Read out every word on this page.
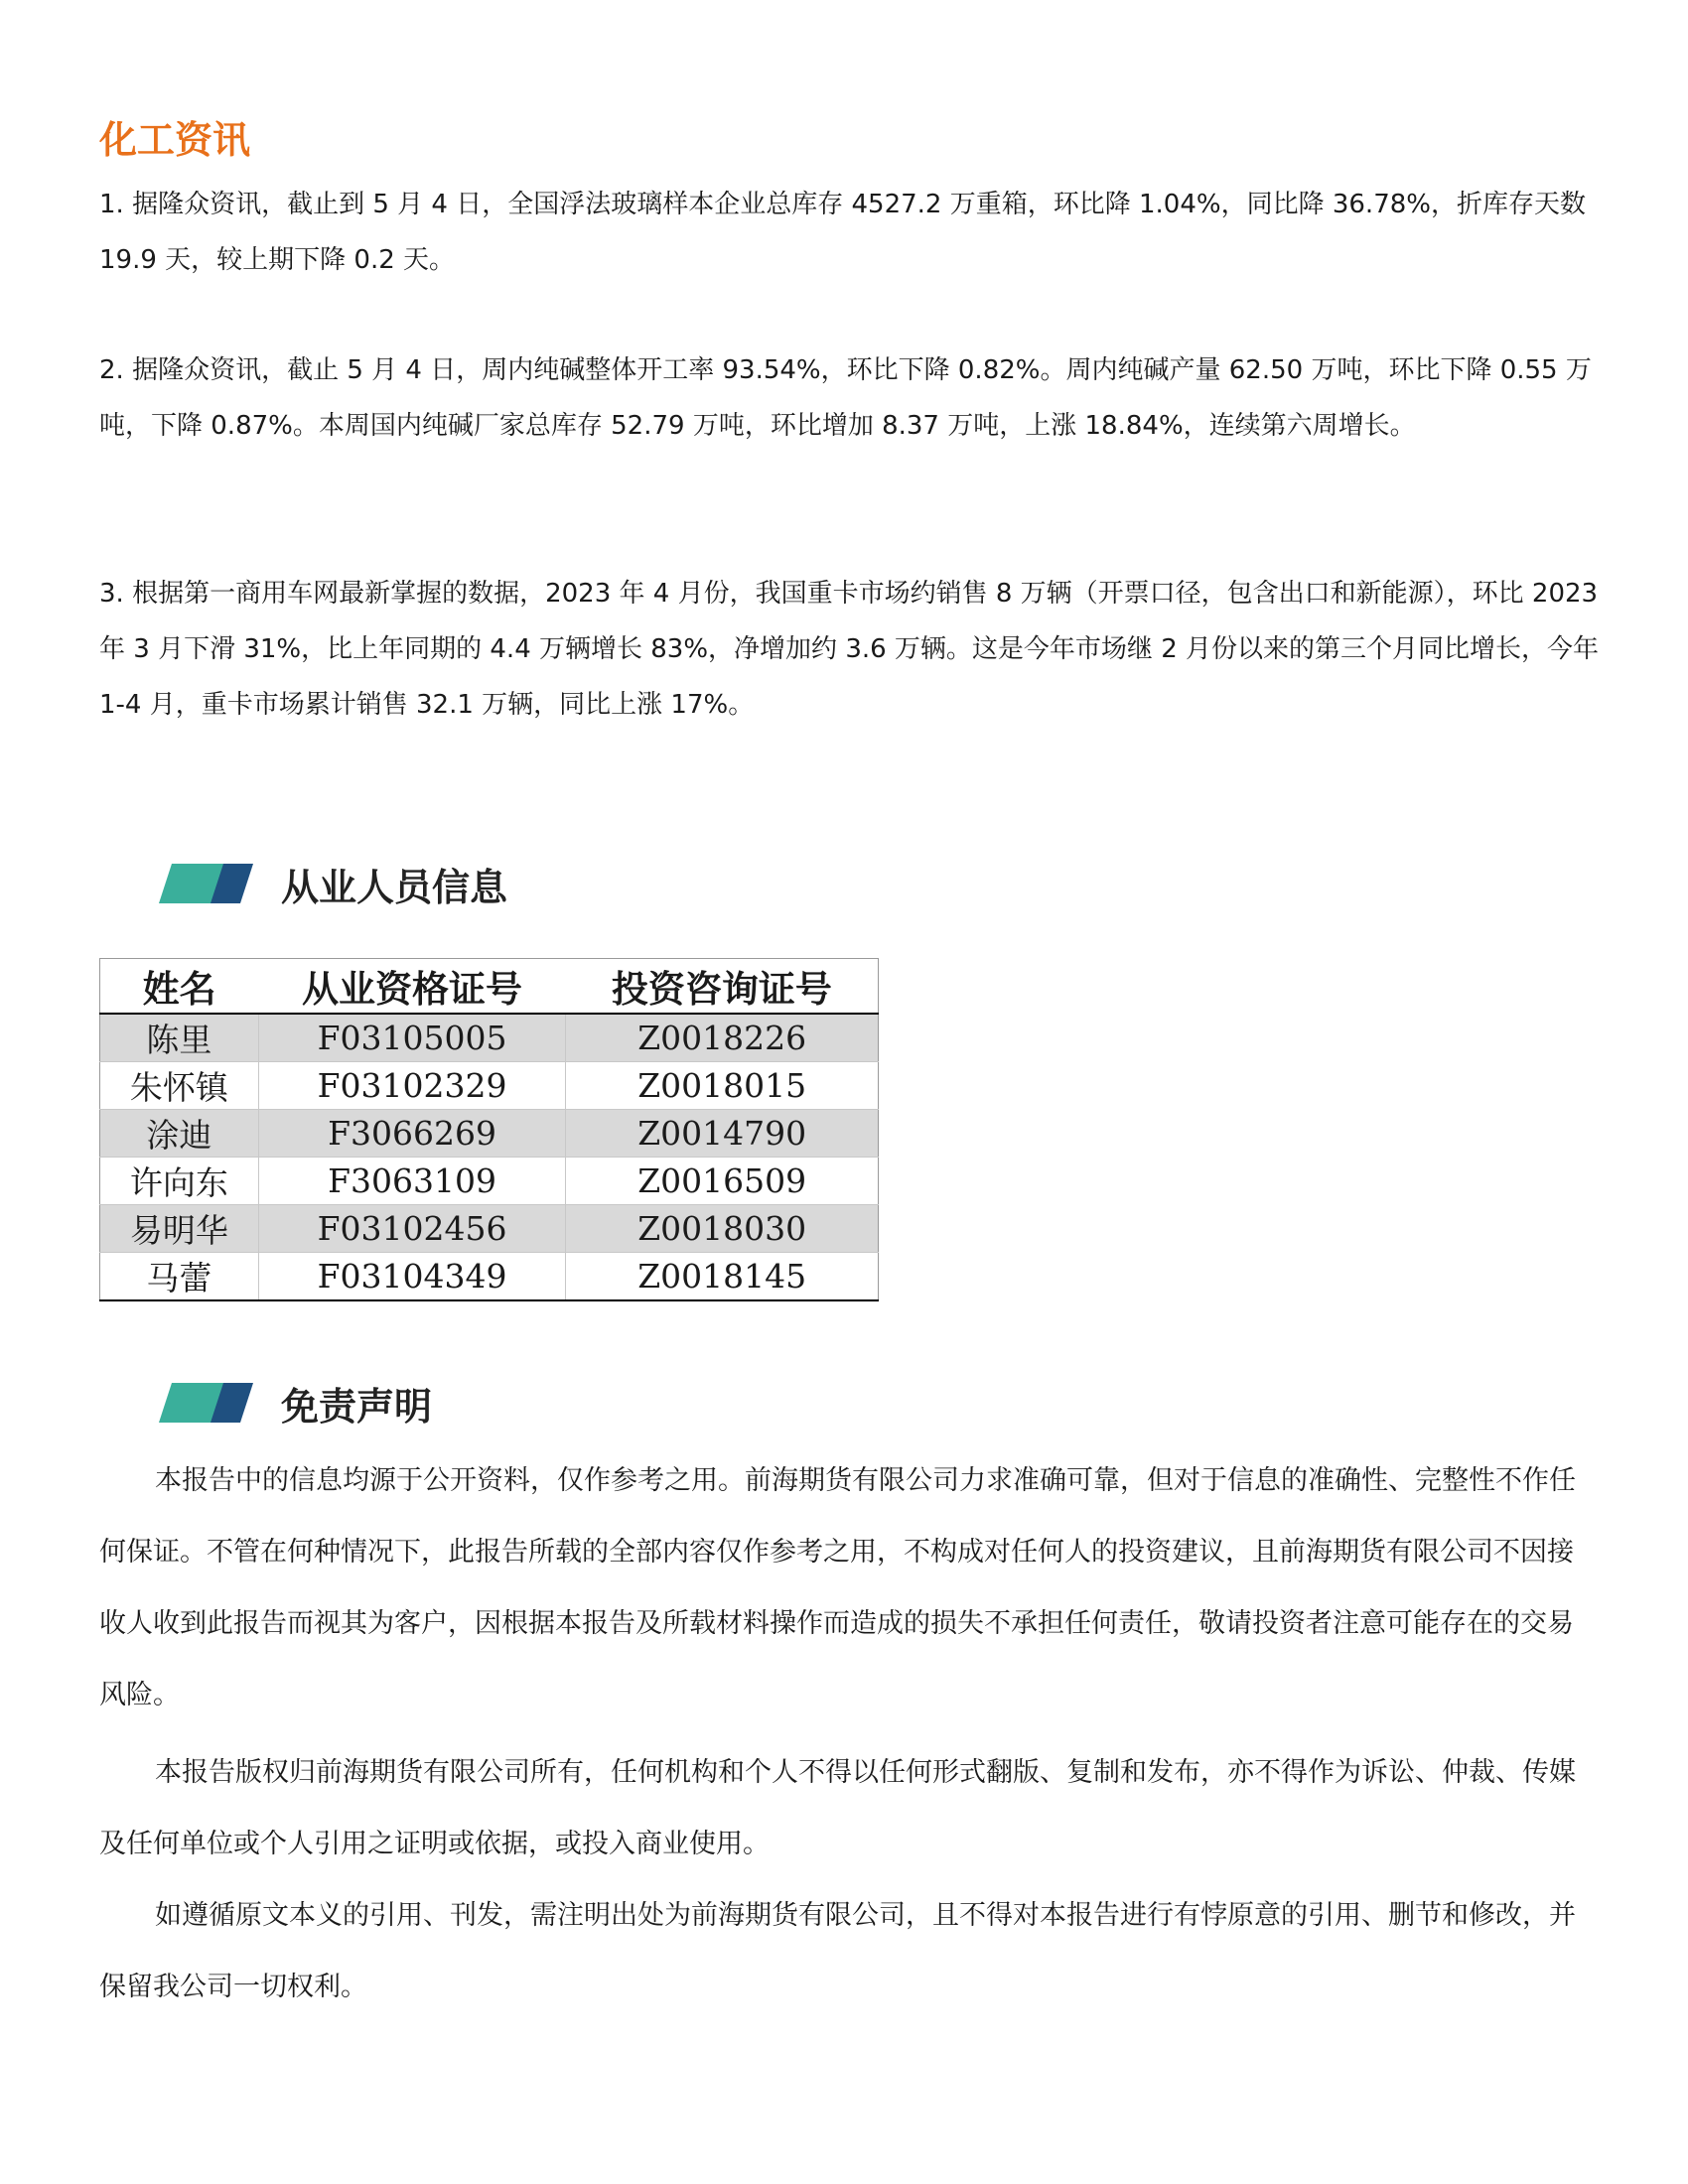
化工资讯

1. 据隆众资讯，截止到 5 月 4 日，全国浮法玻璃样本企业总库存 4527.2 万重箱，环比降 1.04%，同比降 36.78%，折库存天数 19.9 天，较上期下降 0.2 天。

2. 据隆众资讯，截止 5 月 4 日，周内纯碱整体开工率 93.54%，环比下降 0.82%。周内纯碱产量 62.50 万吨，环比下降 0.55 万吨，下降 0.87%。本周国内纯碱厂家总库存 52.79 万吨，环比增加 8.37 万吨，上涨 18.84%，连续第六周增长。

3. 根据第一商用车网最新掌握的数据，2023 年 4 月份，我国重卡市场约销售 8 万辆（开票口径，包含出口和新能源），环比 2023 年 3 月下滑 31%，比上年同期的 4.4 万辆增长 83%，净增加约 3.6 万辆。这是今年市场继 2 月份以来的第三个月同比增长，今年 1-4 月，重卡市场累计销售 32.1 万辆，同比上涨 17%。

从业人员信息
姓名	从业资格证号	投资咨询证号
陈里	F03105005	Z0018226
朱怀镇	F03102329	Z0018015
涂迪	F3066269	Z0014790
许向东	F3063109	Z0016509
易明华	F03102456	Z0018030
马蕾	F03104349	Z0018145
免责声明

本报告中的信息均源于公开资料，仅作参考之用。前海期货有限公司力求准确可靠，但对于信息的准确性、完整性不作任何保证。不管在何种情况下，此报告所载的全部内容仅作参考之用，不构成对任何人的投资建议，且前海期货有限公司不因接收人收到此报告而视其为客户，因根据本报告及所载材料操作而造成的损失不承担任何责任，敬请投资者注意可能存在的交易风险。

本报告版权归前海期货有限公司所有，任何机构和个人不得以任何形式翻版、复制和发布，亦不得作为诉讼、仲裁、传媒及任何单位或个人引用之证明或依据，或投入商业使用。

如遵循原文本义的引用、刊发，需注明出处为前海期货有限公司，且不得对本报告进行有悖原意的引用、删节和修改，并保留我公司一切权利。
